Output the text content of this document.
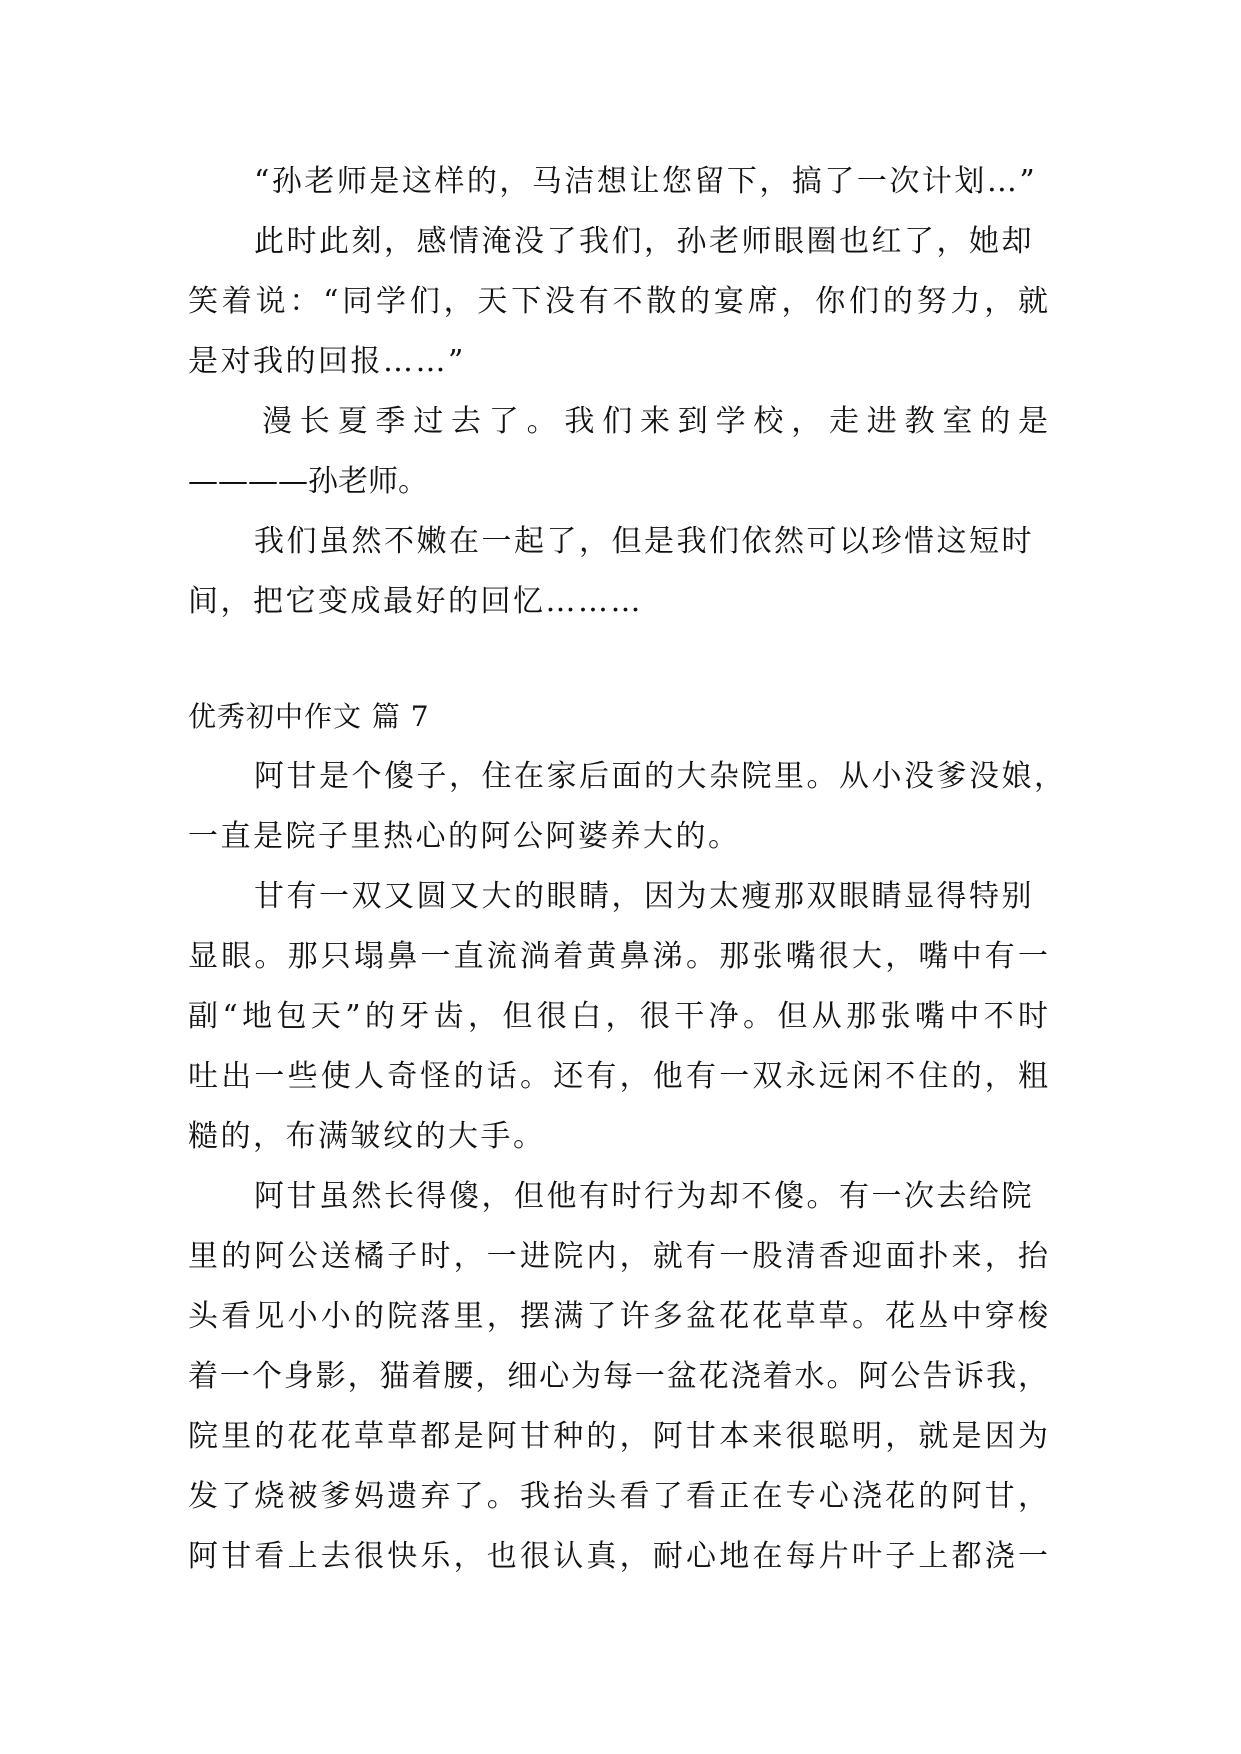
“孙老师是这样的，马洁想让您留下，搞了一次计划…”
此时此刻，感情淹没了我们，孙老师眼圈也红了，她却
笑着说：“同学们，天下没有不散的宴席，你们的努力，就
是对我的回报……”
漫长夏季过去了。我们来到学校，走进教室的是
————孙老师。
我们虽然不嫩在一起了，但是我们依然可以珍惜这短时
间，把它变成最好的回忆………
优秀初中作文 篇 7
阿甘是个傻子，住在家后面的大杂院里。从小没爹没娘，
一直是院子里热心的阿公阿婆养大的。
甘有一双又圆又大的眼睛，因为太瘦那双眼睛显得特别
显眼。那只塌鼻一直流淌着黄鼻涕。那张嘴很大，嘴中有一
副“地包天”的牙齿，但很白，很干净。但从那张嘴中不时
吐出一些使人奇怪的话。还有，他有一双永远闲不住的，粗
糙的，布满皱纹的大手。
阿甘虽然长得傻，但他有时行为却不傻。有一次去给院
里的阿公送橘子时，一进院内，就有一股清香迎面扑来，抬
头看见小小的院落里，摆满了许多盆花花草草。花丛中穿梭
着一个身影，猫着腰，细心为每一盆花浇着水。阿公告诉我，
院里的花花草草都是阿甘种的，阿甘本来很聪明，就是因为
发了烧被爹妈遗弃了。我抬头看了看正在专心浇花的阿甘，
阿甘看上去很快乐，也很认真，耐心地在每片叶子上都浇一
